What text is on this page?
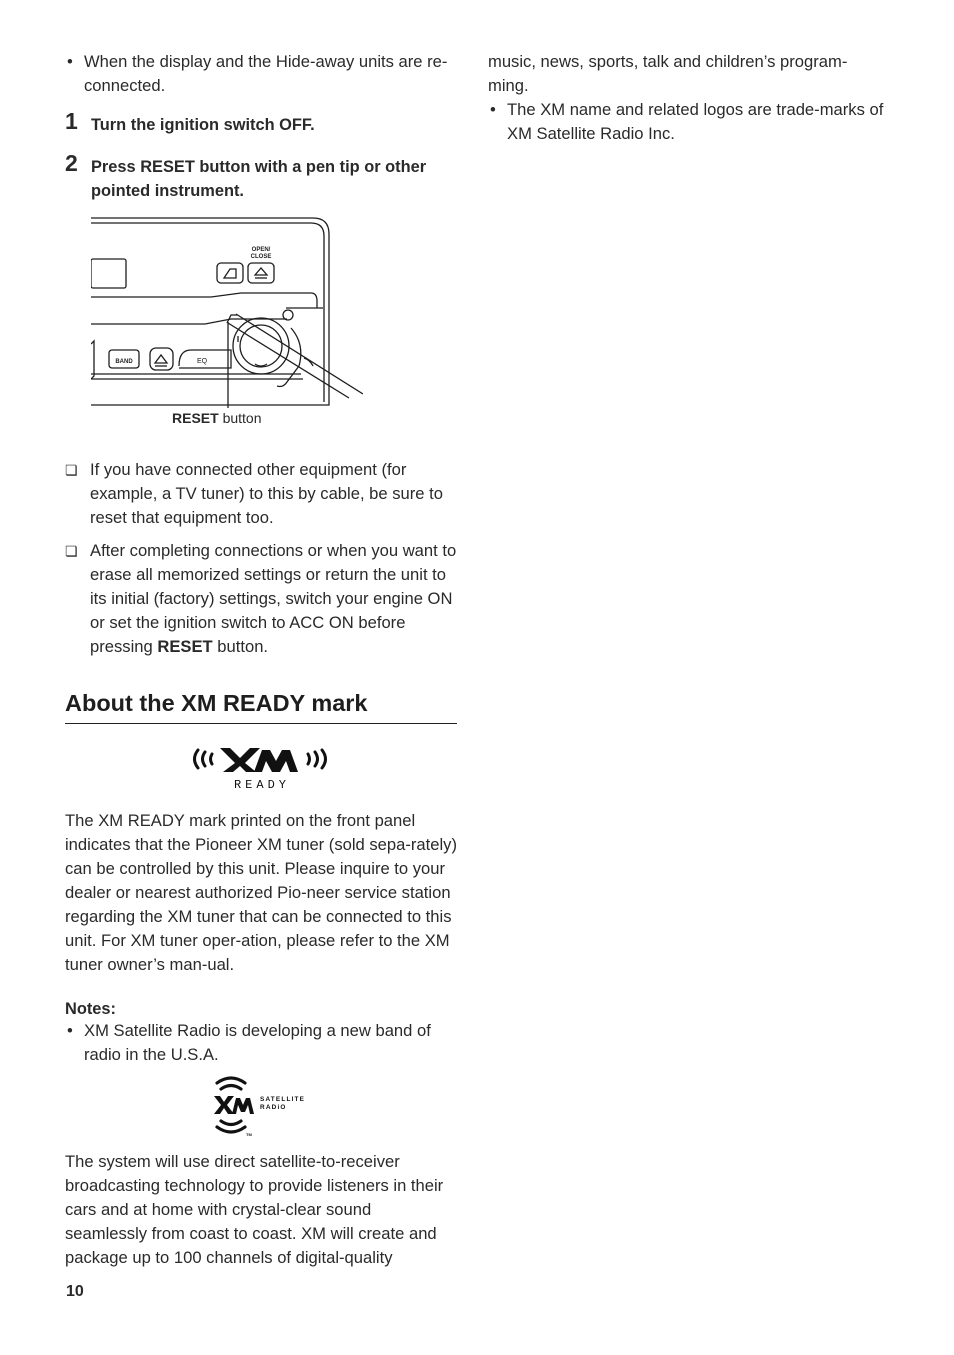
• When the display and the Hide-away units are re-connected.
1 Turn the ignition switch OFF.
2 Press RESET button with a pen tip or other pointed instrument.
OPEN/
CLOSE
BAND	EQ
RESET button
❏ If you have connected other equipment (for example, a TV tuner) to this by cable, be sure to reset that equipment too.
❏ After completing connections or when you want to erase all memorized settings or return the unit to its initial (factory) settings, switch your engine ON or set the ignition switch to ACC ON before pressing RESET button.
About the XM READY mark
READY
The XM READY mark printed on the front panel indicates that the Pioneer XM tuner (sold sepa-rately) can be controlled by this unit. Please inquire to your dealer or nearest authorized Pio-neer service station regarding the XM tuner that can be connected to this unit. For XM tuner oper-ation, please refer to the XM tuner owner’s man-ual.
Notes:
• XM Satellite Radio is developing a new band of radio in the U.S.A.
SATELLITE
RADiO
TM
The system will use direct satellite-to-receiver broadcasting technology to provide listeners in their cars and at home with crystal-clear sound seamlessly from coast to coast. XM will create and package up to 100 channels of digital-quality
music, news, sports, talk and children’s program-ming.
• The XM name and related logos are trade-marks of XM Satellite Radio Inc.
10
